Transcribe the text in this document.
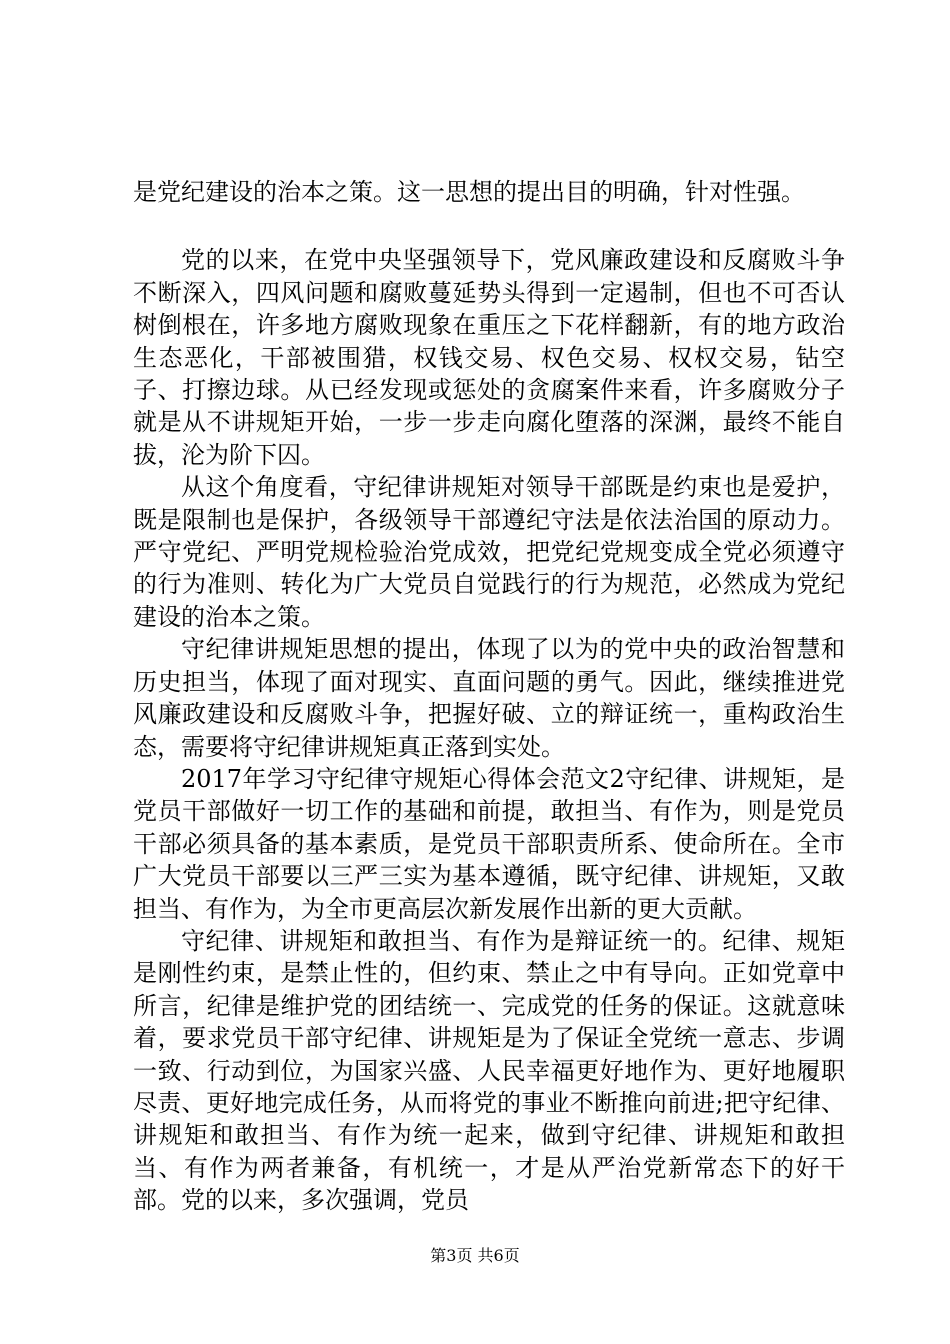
是党纪建设的治本之策。这一思想的提出目的明确，针对性强。

党的以来，在党中央坚强领导下，党风廉政建设和反腐败斗争不断深入，四风问题和腐败蔓延势头得到一定遏制，但也不可否认树倒根在，许多地方腐败现象在重压之下花样翻新，有的地方政治生态恶化，干部被围猎，权钱交易、权色交易、权权交易，钻空子、打擦边球。从已经发现或惩处的贪腐案件来看，许多腐败分子就是从不讲规矩开始，一步一步走向腐化堕落的深渊，最终不能自拔，沦为阶下囚。

从这个角度看，守纪律讲规矩对领导干部既是约束也是爱护，既是限制也是保护，各级领导干部遵纪守法是依法治国的原动力。严守党纪、严明党规检验治党成效，把党纪党规变成全党必须遵守的行为准则、转化为广大党员自觉践行的行为规范，必然成为党纪建设的治本之策。

守纪律讲规矩思想的提出，体现了以为的党中央的政治智慧和历史担当，体现了面对现实、直面问题的勇气。因此，继续推进党风廉政建设和反腐败斗争，把握好破、立的辩证统一，重构政治生态，需要将守纪律讲规矩真正落到实处。

2017年学习守纪律守规矩心得体会范文2守纪律、讲规矩，是党员干部做好一切工作的基础和前提，敢担当、有作为，则是党员干部必须具备的基本素质，是党员干部职责所系、使命所在。全市广大党员干部要以三严三实为基本遵循，既守纪律、讲规矩，又敢担当、有作为，为全市更高层次新发展作出新的更大贡献。

守纪律、讲规矩和敢担当、有作为是辩证统一的。纪律、规矩是刚性约束，是禁止性的，但约束、禁止之中有导向。正如党章中所言，纪律是维护党的团结统一、完成党的任务的保证。这就意味着，要求党员干部守纪律、讲规矩是为了保证全党统一意志、步调一致、行动到位，为国家兴盛、人民幸福更好地作为、更好地履职尽责、更好地完成任务，从而将党的事业不断推向前进;把守纪律、讲规矩和敢担当、有作为统一起来，做到守纪律、讲规矩和敢担当、有作为两者兼备，有机统一，才是从严治党新常态下的好干部。党的以来，多次强调，党员

第3页 共6页
